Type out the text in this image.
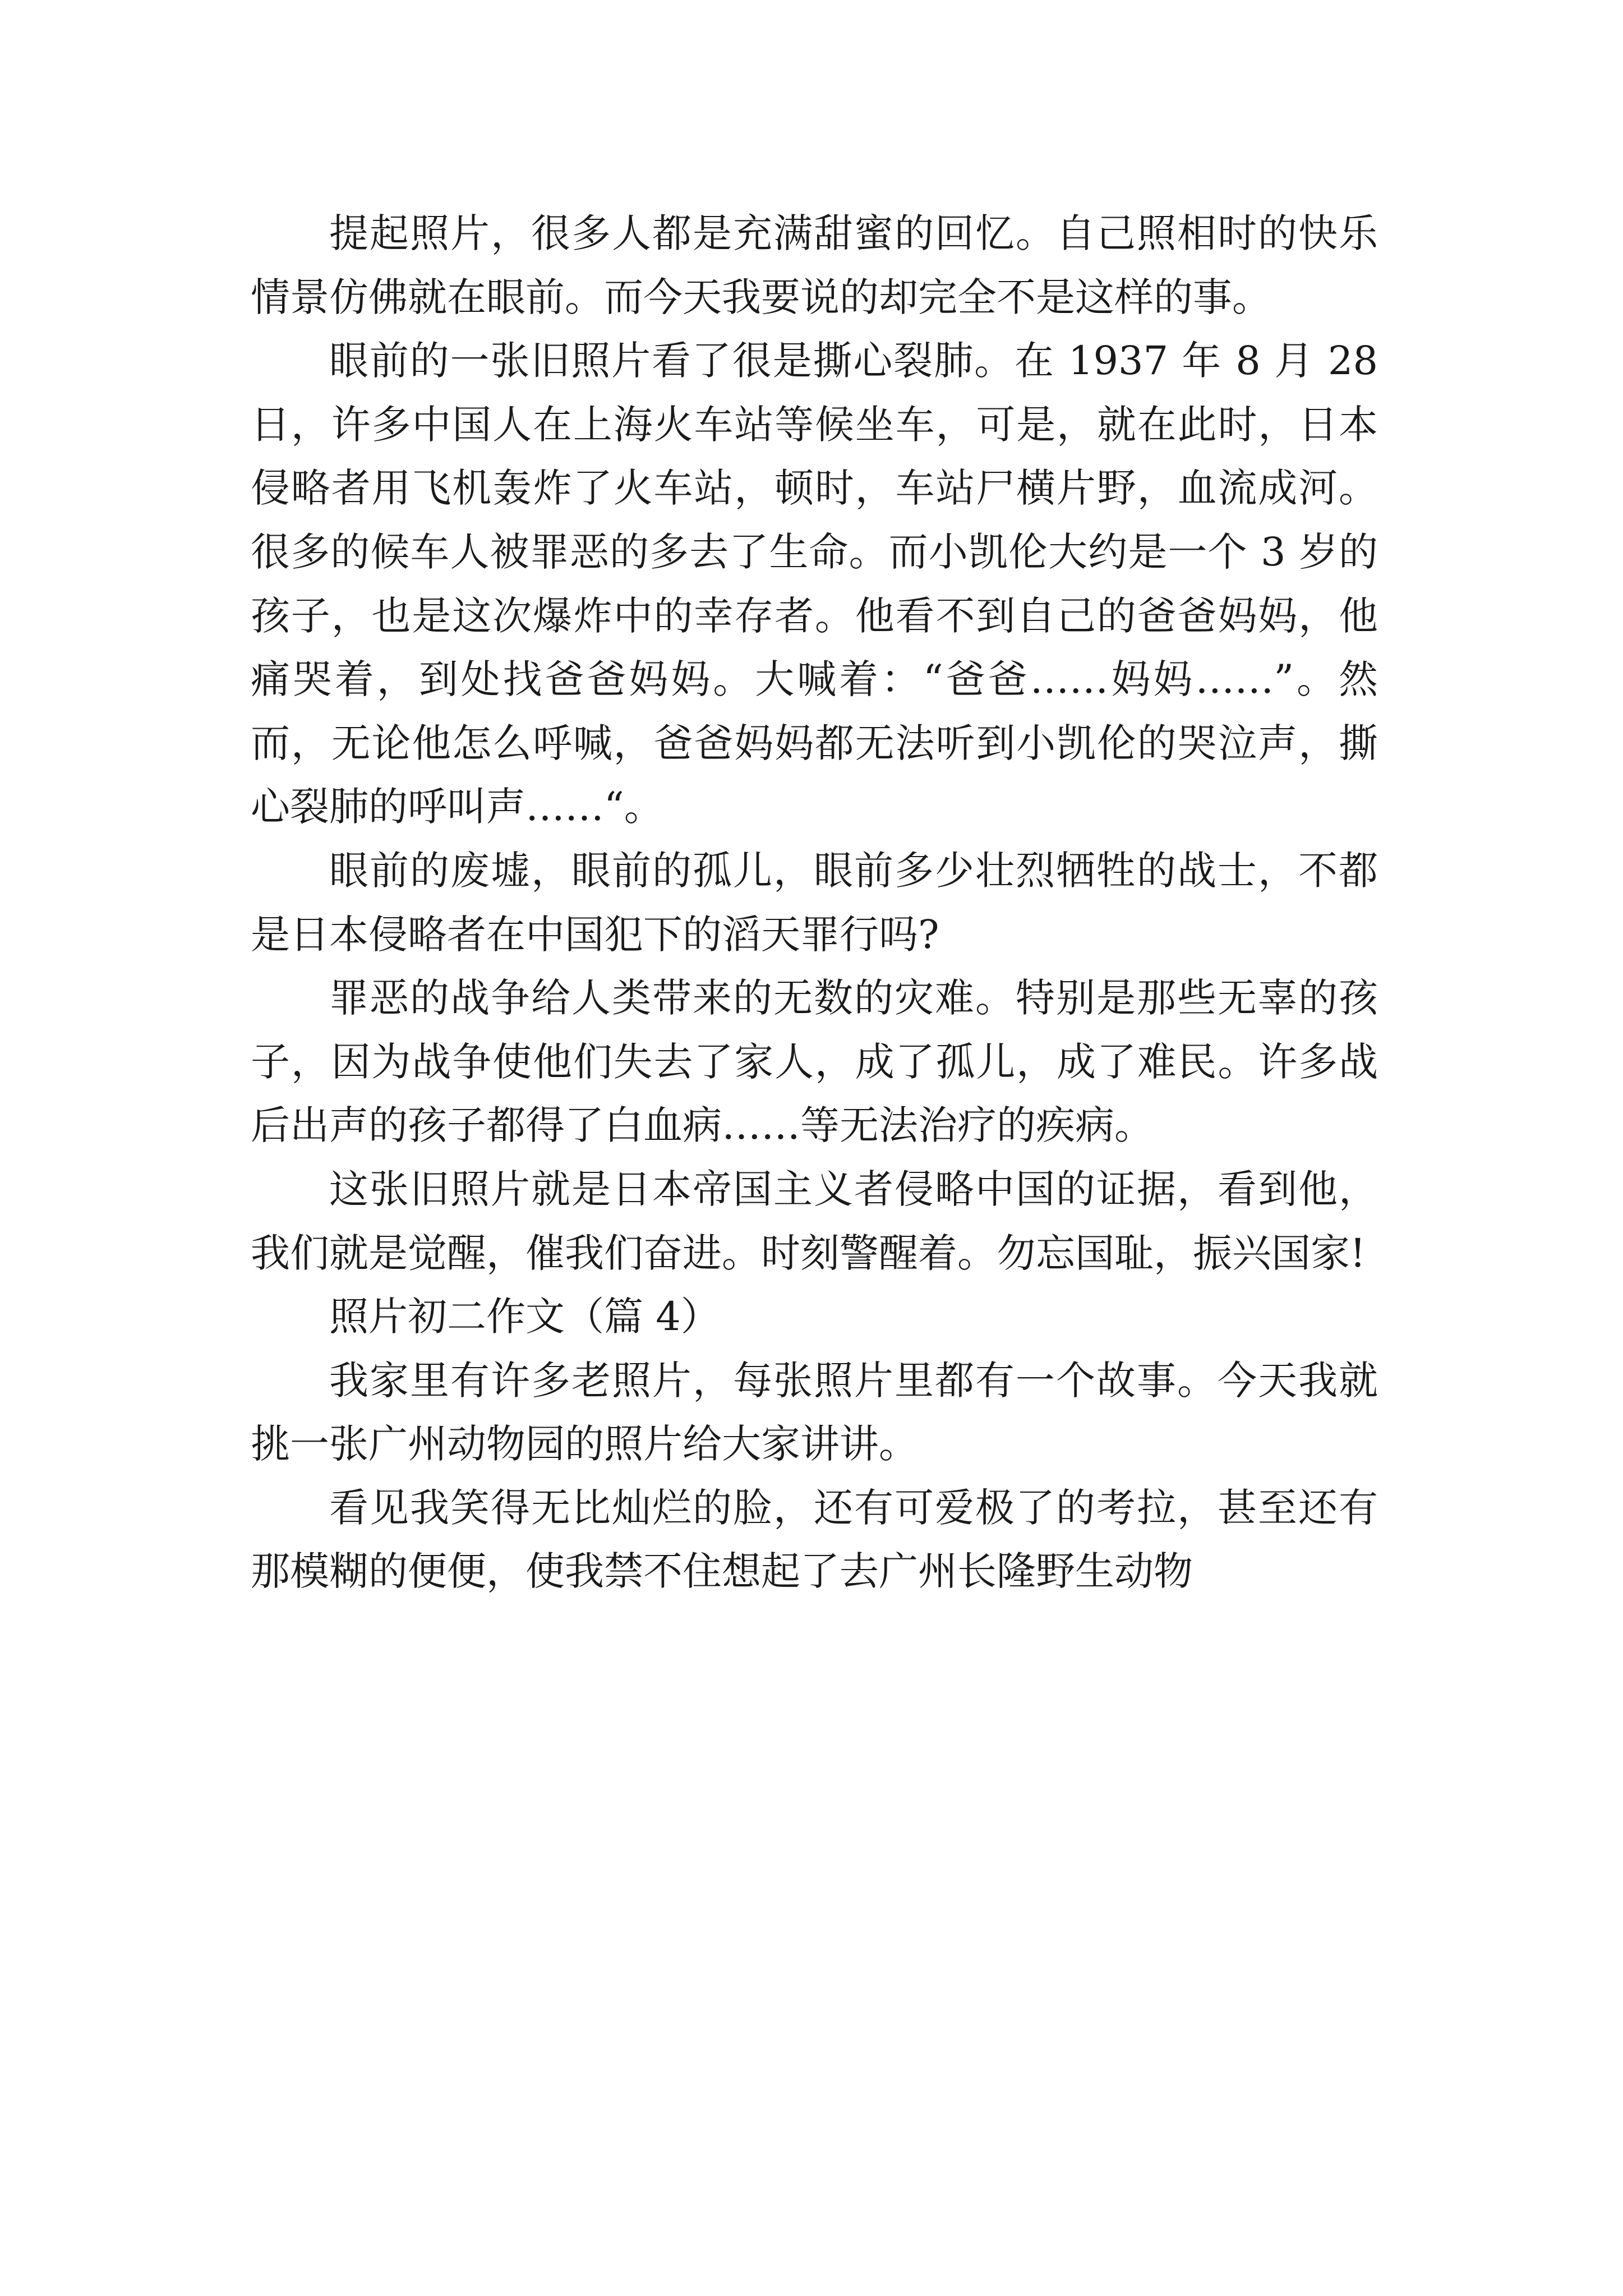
提起照片，很多人都是充满甜蜜的回忆。自己照相时的快乐情景仿佛就在眼前。而今天我要说的却完全不是这样的事。

眼前的一张旧照片看了很是撕心裂肺。在 1937 年 8 月 28 日，许多中国人在上海火车站等候坐车，可是，就在此时，日本侵略者用飞机轰炸了火车站，顿时，车站尸横片野，血流成河。很多的候车人被罪恶的多去了生命。而小凯伦大约是一个 3 岁的孩子，也是这次爆炸中的幸存者。他看不到自己的爸爸妈妈，他痛哭着，到处找爸爸妈妈。大喊着：“爸爸……妈妈……”。然而，无论他怎么呼喊，爸爸妈妈都无法听到小凯伦的哭泣声，撕心裂肺的呼叫声……“。

眼前的废墟，眼前的孤儿，眼前多少壮烈牺牲的战士，不都是日本侵略者在中国犯下的滔天罪行吗?

罪恶的战争给人类带来的无数的灾难。特别是那些无辜的孩子，因为战争使他们失去了家人，成了孤儿，成了难民。许多战后出声的孩子都得了白血病……等无法治疗的疾病。

这张旧照片就是日本帝国主义者侵略中国的证据，看到他，我们就是觉醒，催我们奋进。时刻警醒着。勿忘国耻，振兴国家!

照片初二作文（篇 4）

我家里有许多老照片，每张照片里都有一个故事。今天我就挑一张广州动物园的照片给大家讲讲。

看见我笑得无比灿烂的脸，还有可爱极了的考拉，甚至还有那模糊的便便，使我禁不住想起了去广州长隆野生动物
